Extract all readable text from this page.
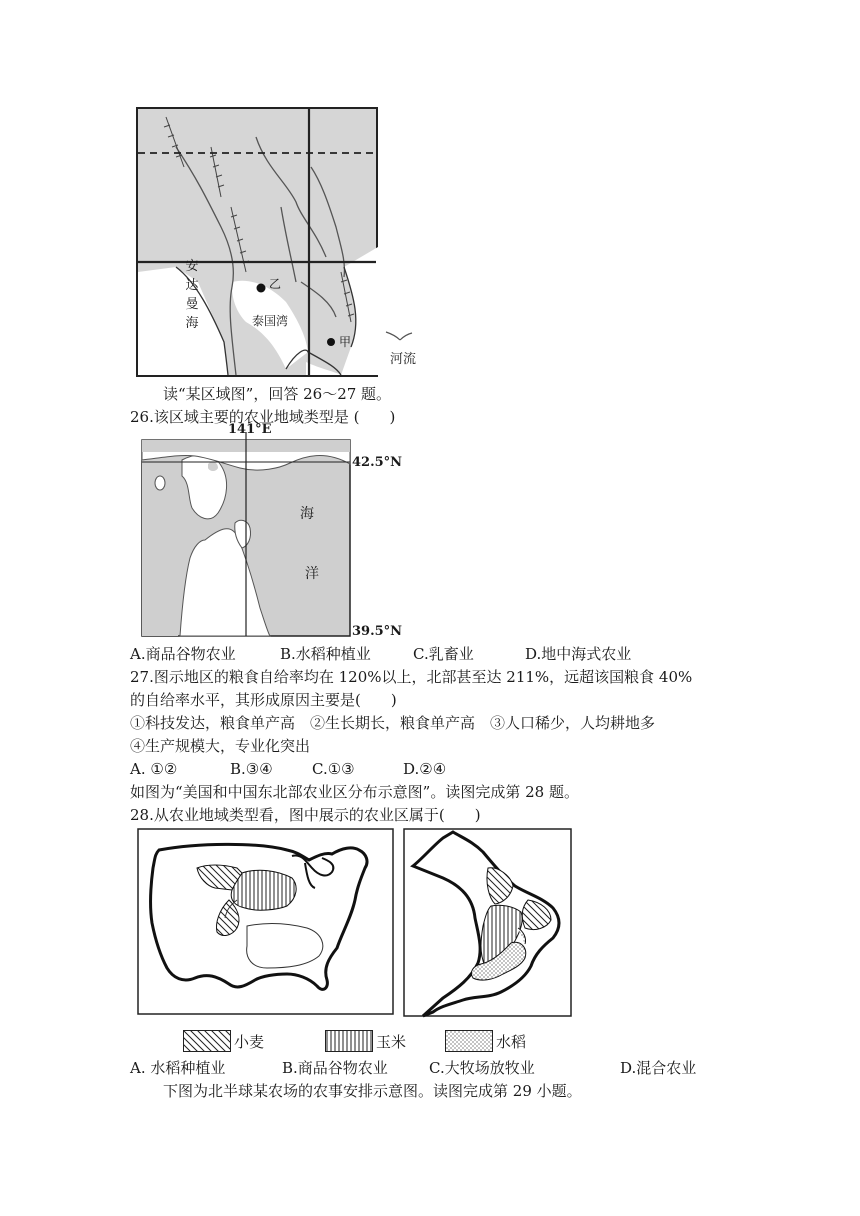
安达曼海
乙
泰国湾
甲
河流
读“某区域图”，回答 26～27 题。
26.该区域主要的农业地域类型是 (　　)
141°E
42.5°N
39.5°N
海
洋
A.商品谷物农业	B.水稻种植业	C.乳畜业	D.地中海式农业
27.图示地区的粮食自给率均在 120%以上，北部甚至达 211%，远超该国粮食 40%
的自给率水平，其形成原因主要是(　　)
①科技发达，粮食单产高　②生长期长，粮食单产高　③人口稀少，人均耕地多
④生产规模大，专业化突出
A. ①②	B.③④	C.①③	D.②④
如图为“美国和中国东北部农业区分布示意图”。读图完成第 28 题。
28.从农业地域类型看，图中展示的农业区属于(　　)
小麦	玉米	水稻
A. 水稻种植业	B.商品谷物农业	C.大牧场放牧业	D.混合农业
下图为北半球某农场的农事安排示意图。读图完成第 29 小题。
